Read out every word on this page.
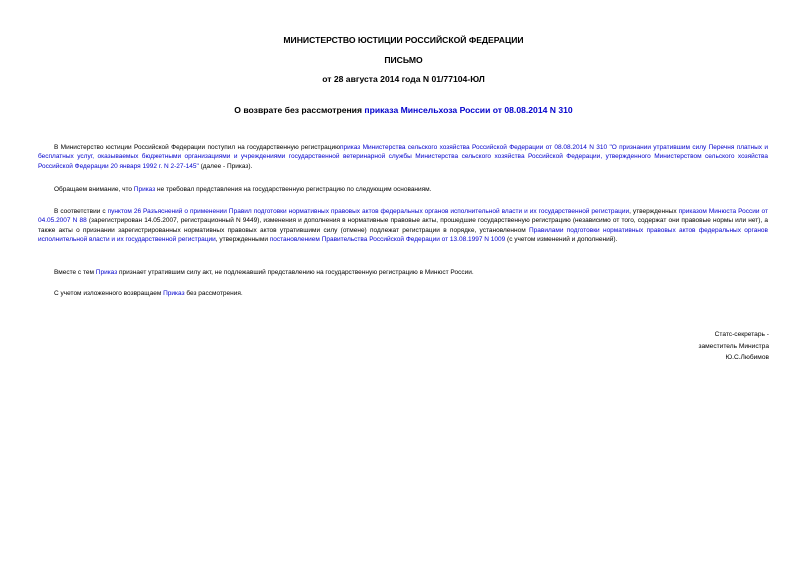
МИНИСТЕРСТВО ЮСТИЦИИ РОССИЙСКОЙ ФЕДЕРАЦИИ
ПИСЬМО
от 28 августа 2014 года N 01/77104-ЮЛ
О возврате без рассмотрения приказа Минсельхоза России от 08.08.2014 N 310
В Министерство юстиции Российской Федерации поступил на государственную регистрациюприказ Министерства сельского хозяйства Российской Федерации от 08.08.2014 N 310 "О признании утратившим силу Перечня платных и бесплатных услуг, оказываемых бюджетными организациями и учреждениями государственной ветеринарной службы Министерства сельского хозяйства Российской Федерации, утвержденного Министерством сельского хозяйства Российской Федерации 20 января 1992 г. N 2-27-145" (далее - Приказ).
Обращаем внимание, что Приказ не требовал представления на государственную регистрацию по следующим основаниям.
В соответствии с пунктом 26 Разъяснений о применении Правил подготовки нормативных правовых актов федеральных органов исполнительной власти и их государственной регистрации, утвержденных приказом Минюста России от 04.05.2007 N 88 (зарегистрирован 14.05.2007, регистрационный N 9449), изменения и дополнения в нормативные правовые акты, прошедшие государственную регистрацию (независимо от того, содержат они правовые нормы или нет), а также акты о признании зарегистрированных нормативных правовых актов утратившими силу (отмене) подлежат регистрации в порядке, установленном Правилами подготовки нормативных правовых актов федеральных органов исполнительной власти и их государственной регистрации, утвержденными постановлением Правительства Российской Федерации от 13.08.1997 N 1009 (с учетом изменений и дополнений).
Вместе с тем Приказ признает утратившим силу акт, не подлежавший представлению на государственную регистрацию в Минюст России.
С учетом изложенного возвращаем Приказ без рассмотрения.
Статс-секретарь -
заместитель Министра
Ю.С.Любимов
